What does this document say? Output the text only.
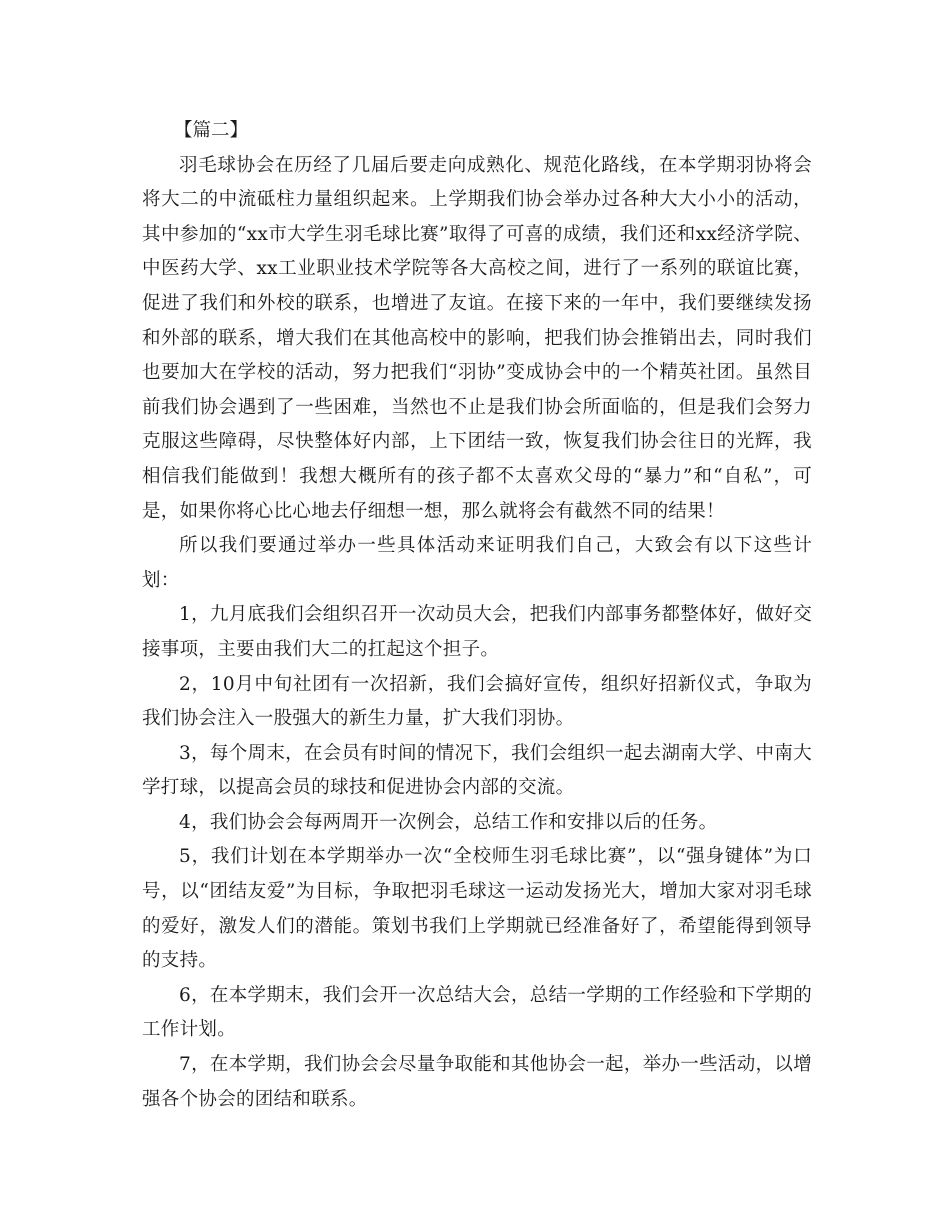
【篇二】

羽毛球协会在历经了几届后要走向成熟化、规范化路线，在本学期羽协将会将大二的中流砥柱力量组织起来。上学期我们协会举办过各种大大小小的活动，其中参加的“xx市大学生羽毛球比赛”取得了可喜的成绩，我们还和xx经济学院、中医药大学、xx工业职业技术学院等各大高校之间，进行了一系列的联谊比赛，促进了我们和外校的联系，也增进了友谊。在接下来的一年中，我们要继续发扬和外部的联系，增大我们在其他高校中的影响，把我们协会推销出去，同时我们也要加大在学校的活动，努力把我们“羽协”变成协会中的一个精英社团。虽然目前我们协会遇到了一些困难，当然也不止是我们协会所面临的，但是我们会努力克服这些障碍，尽快整体好内部，上下团结一致，恢复我们协会往日的光辉，我相信我们能做到！我想大概所有的孩子都不太喜欢父母的“暴力”和“自私”，可是，如果你将心比心地去仔细想一想，那么就将会有截然不同的结果！

所以我们要通过举办一些具体活动来证明我们自己，大致会有以下这些计划：

1，九月底我们会组织召开一次动员大会，把我们内部事务都整体好，做好交接事项，主要由我们大二的扛起这个担子。

2，10月中旬社团有一次招新，我们会搞好宣传，组织好招新仪式，争取为我们协会注入一股强大的新生力量，扩大我们羽协。

3，每个周末，在会员有时间的情况下，我们会组织一起去湖南大学、中南大学打球，以提高会员的球技和促进协会内部的交流。

4，我们协会会每两周开一次例会，总结工作和安排以后的任务。

5，我们计划在本学期举办一次“全校师生羽毛球比赛”，以“强身键体”为口号，以“团结友爱”为目标，争取把羽毛球这一运动发扬光大，增加大家对羽毛球的爱好，激发人们的潜能。策划书我们上学期就已经准备好了，希望能得到领导的支持。

6，在本学期末，我们会开一次总结大会，总结一学期的工作经验和下学期的工作计划。

7，在本学期，我们协会会尽量争取能和其他协会一起，举办一些活动，以增强各个协会的团结和联系。
